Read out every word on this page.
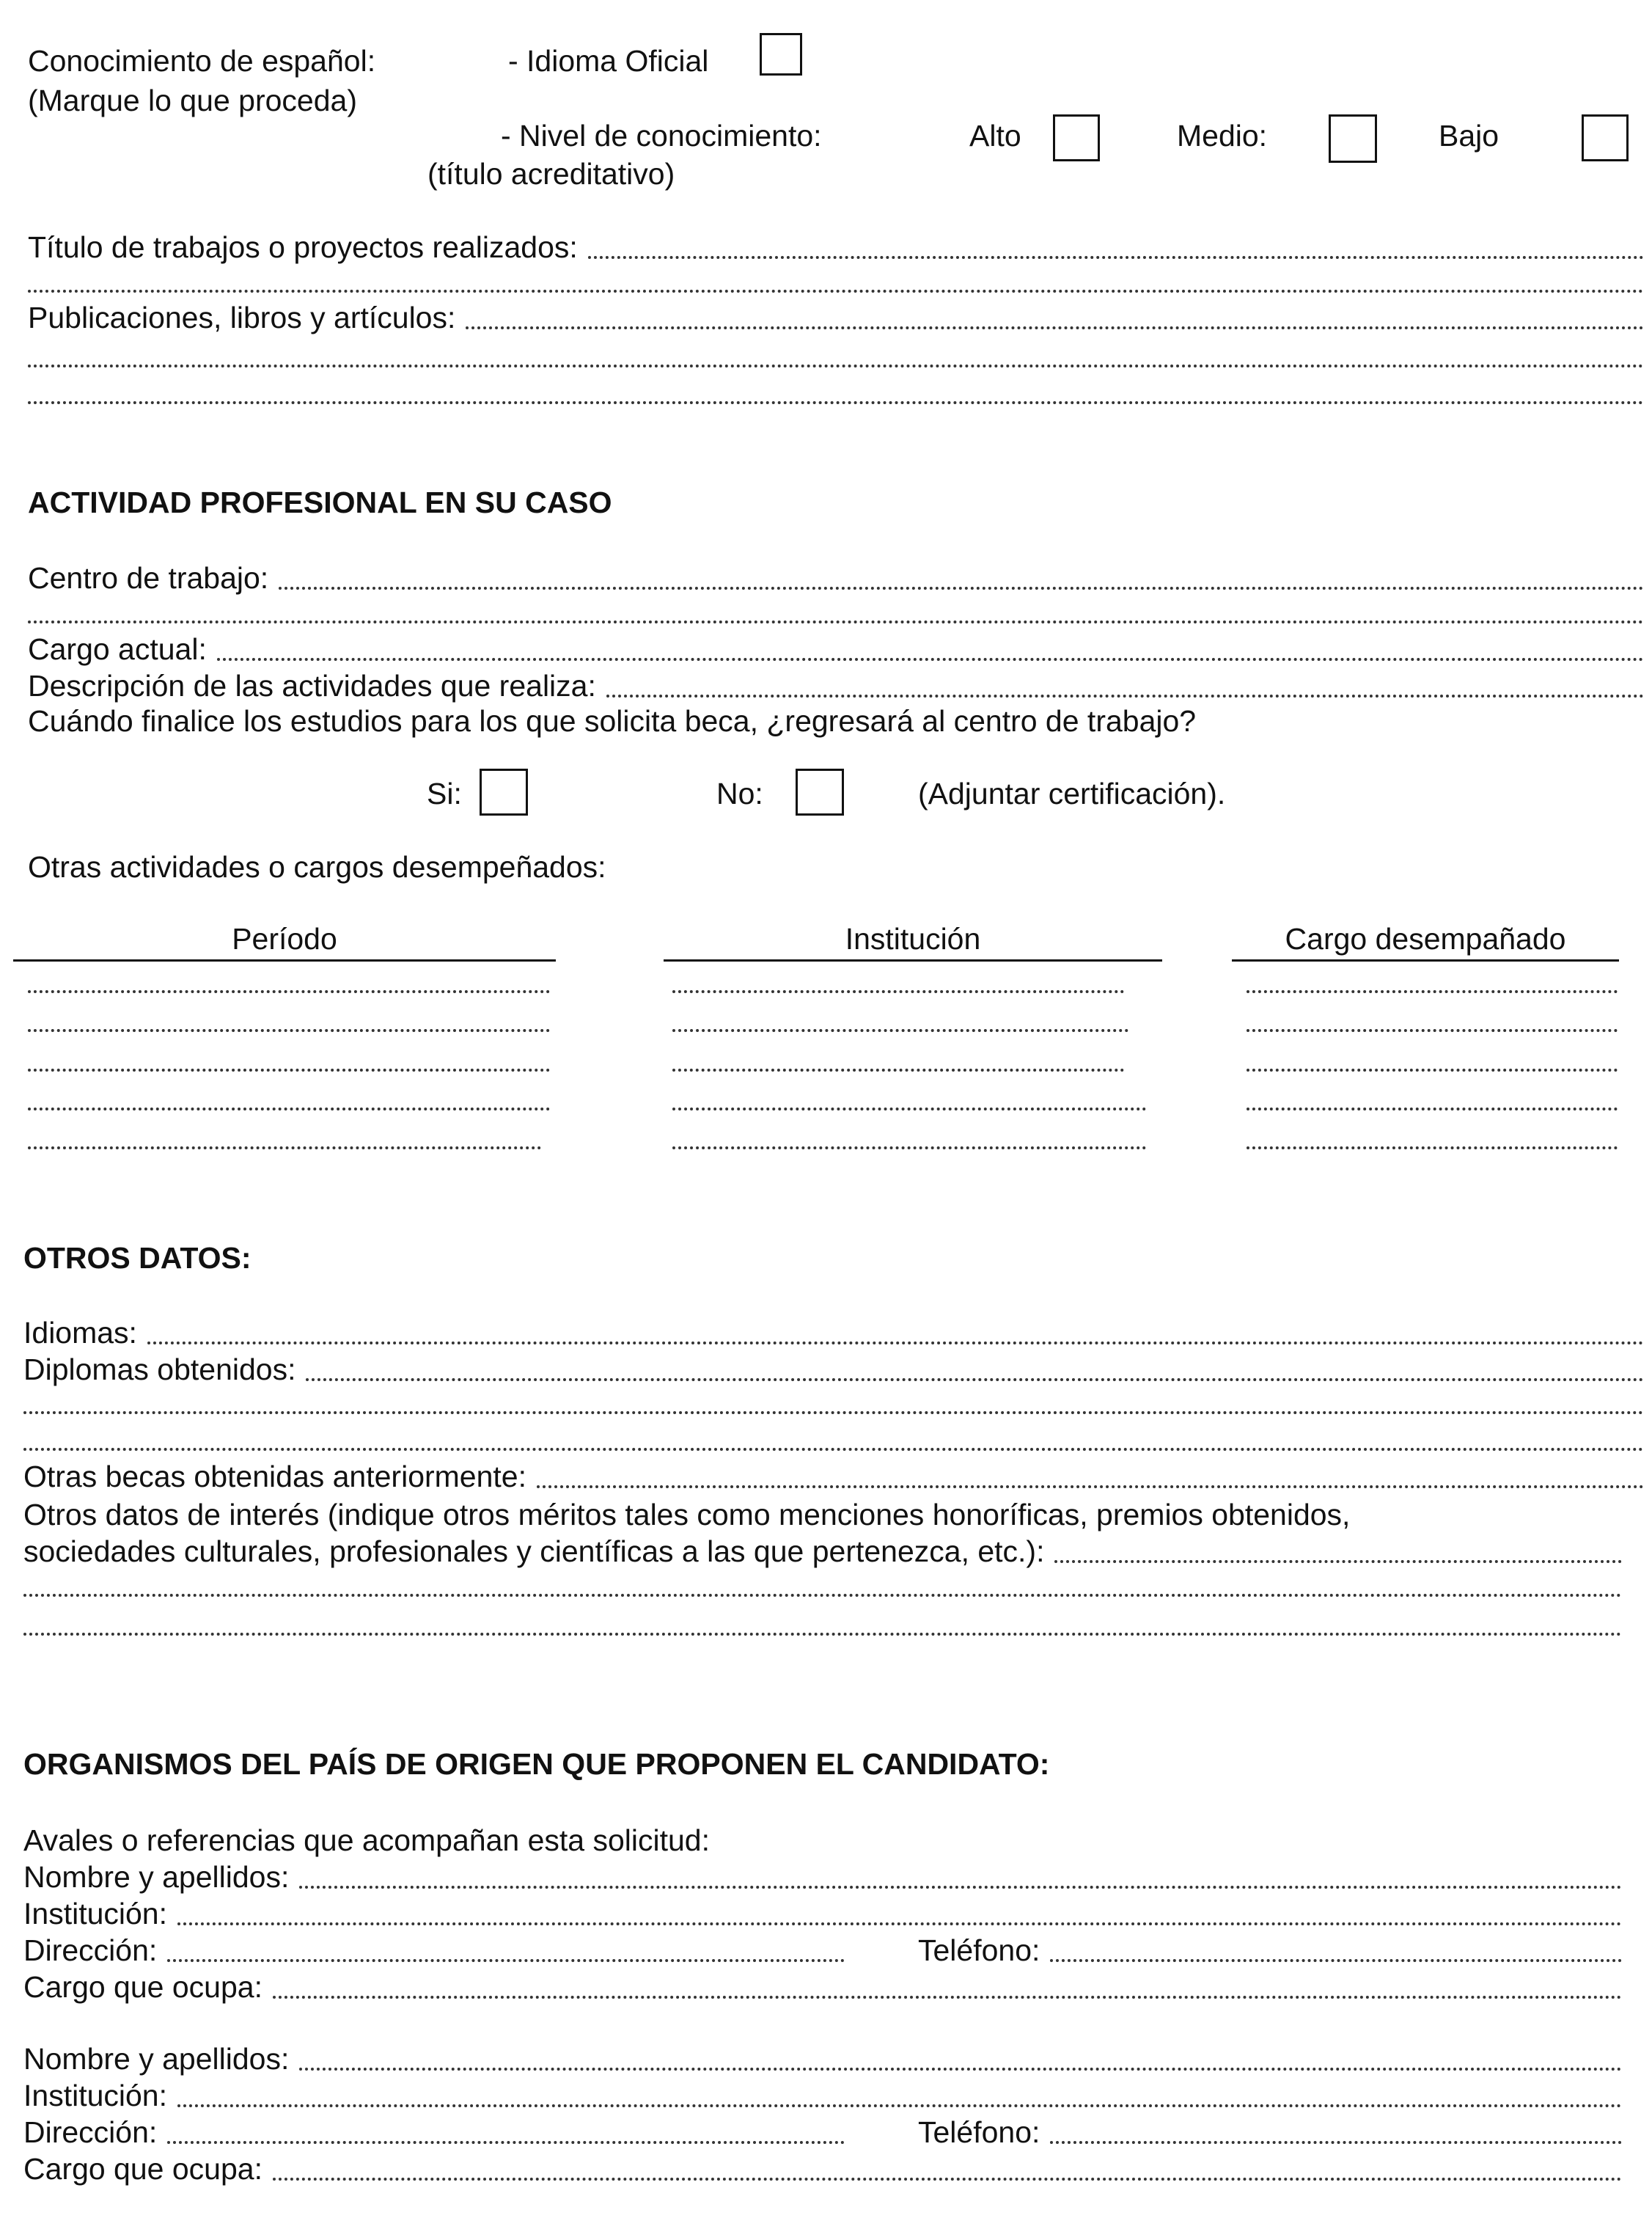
Conocimiento de español:
(Marque lo que proceda)
- Idioma Oficial
- Nivel de conocimiento:
(título acreditativo)
Alto	Medio:	Bajo
Título de trabajos o proyectos realizados:
Publicaciones, libros y artículos:
ACTIVIDAD PROFESIONAL EN SU CASO
Centro de trabajo:
Cargo actual:
Descripción de las actividades que realiza:
Cuándo finalice los estudios para los que solicita beca, ¿regresará al centro de trabajo?
Si:	No:	(Adjuntar certificación).
Otras actividades o cargos desempeñados:
Período	Institución	Cargo desempañado
OTROS DATOS:
Idiomas:
Diplomas obtenidos:
Otras becas obtenidas anteriormente:
Otros datos de interés (indique otros méritos tales como menciones honoríficas, premios obtenidos,
sociedades culturales, profesionales y científicas a las que pertenezca, etc.):
ORGANISMOS DEL PAÍS DE ORIGEN QUE PROPONEN EL CANDIDATO:
Avales o referencias que acompañan esta solicitud:
Nombre y apellidos:
Institución:
Dirección:	Teléfono:
Cargo que ocupa:
Nombre y apellidos:
Institución:
Dirección:	Teléfono:
Cargo que ocupa:
